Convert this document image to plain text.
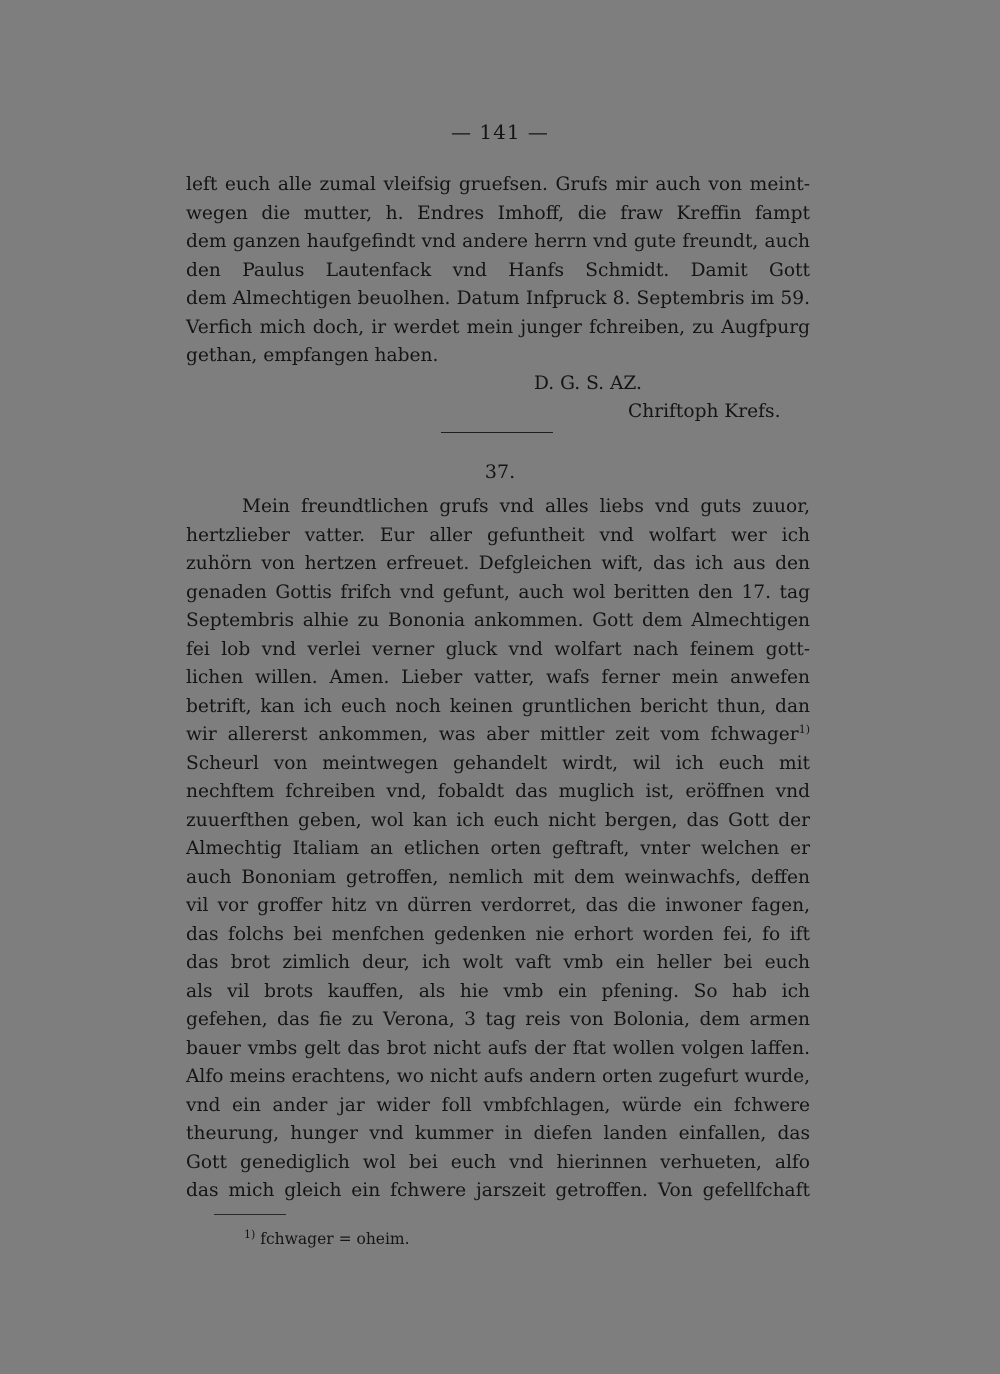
— 141 —
left euch alle zumal vleifsig gruefsen. Grufs mir auch von meint-
wegen die mutter, h. Endres Imhoff, die fraw Kreffin fampt
dem ganzen haufgefindt vnd andere herrn vnd gute freundt, auch
den Paulus Lautenfack vnd Hanfs Schmidt. Damit Gott
dem Almechtigen beuolhen. Datum Infpruck 8. Septembris im 59.
Verfich mich doch, ir werdet mein junger fchreiben, zu Augfpurg
gethan, empfangen haben.
D. G. S. AZ.
Chriftoph Krefs.
37.
Mein freundtlichen grufs vnd alles liebs vnd guts zuuor,
hertzlieber vatter. Eur aller gefuntheit vnd wolfart wer ich
zuhörn von hertzen erfreuet. Defgleichen wift, das ich aus den
genaden Gottis frifch vnd gefunt, auch wol beritten den 17. tag
Septembris alhie zu Bononia ankommen. Gott dem Almechtigen
fei lob vnd verlei verner gluck vnd wolfart nach feinem gott-
lichen willen. Amen. Lieber vatter, wafs ferner mein anwefen
betrift, kan ich euch noch keinen gruntlichen bericht thun, dan
wir allererst ankommen, was aber mittler zeit vom fchwager$^{1)}$
Scheurl von meintwegen gehandelt wirdt, wil ich euch mit
nechftem fchreiben vnd, fobaldt das muglich ist, eröffnen vnd
zuuerfthen geben, wol kan ich euch nicht bergen, das Gott der
Almechtig Italiam an etlichen orten geftraft, vnter welchen er
auch Bononiam getroffen, nemlich mit dem weinwachfs, deffen
vil vor groffer hitz vn dürren verdorret, das die inwoner fagen,
das folchs bei menfchen gedenken nie erhort worden fei, fo ift
das brot zimlich deur, ich wolt vaft vmb ein heller bei euch
als vil brots kauffen, als hie vmb ein pfening. So hab ich
gefehen, das fie zu Verona, 3 tag reis von Bolonia, dem armen
bauer vmbs gelt das brot nicht aufs der ftat wollen volgen laffen.
Alfo meins erachtens, wo nicht aufs andern orten zugefurt wurde,
vnd ein ander jar wider foll vmbfchlagen, würde ein fchwere
theurung, hunger vnd kummer in diefen landen einfallen, das
Gott genediglich wol bei euch vnd hierinnen verhueten, alfo
das mich gleich ein fchwere jarszeit getroffen. Von gefellfchaft
$^{1)}$ fchwager = oheim.
